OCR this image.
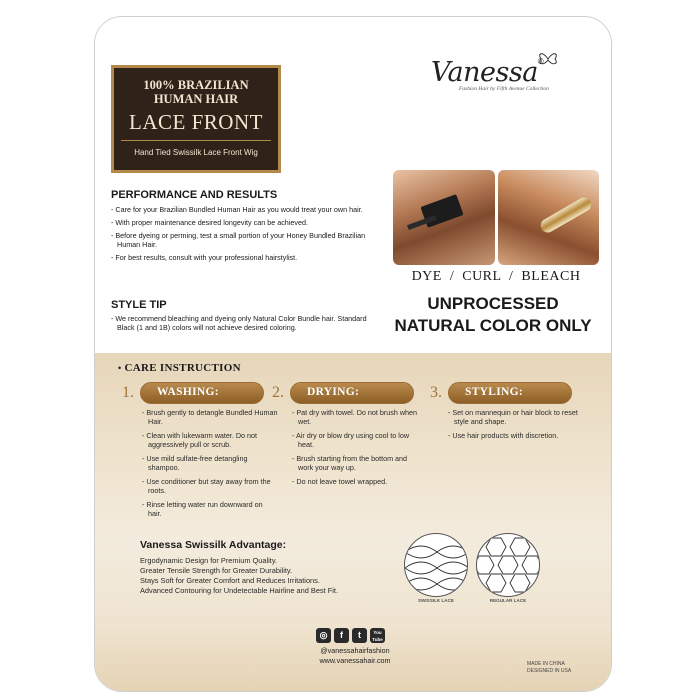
100% BRAZILIAN
HUMAN HAIR
LACE FRONT
Hand Tied Swissilk Lace Front Wig
Vanessa®
Fashion Hair by Fifth Avenue Collection
PERFORMANCE AND RESULTS
- Care for your Brazilian Bundled Human Hair as you would treat your own hair.
- With proper maintenance desired longevity can be achieved.
- Before dyeing or perming, test a small portion of your Honey Bundled Brazilian Human Hair.
- For best results, consult with your professional hairstylist.
STYLE TIP
- We recommend bleaching and dyeing only Natural Color Bundle hair. Standard Black (1 and 1B) colors will not achieve desired coloring.
DYE  /  CURL  /  BLEACH
UNPROCESSED
NATURAL COLOR ONLY
• CARE INSTRUCTION
1.	WASHING:
- Brush gently to detangle Bundled Human Hair.
- Clean with lukewarm water. Do not aggressively pull or scrub.
- Use mild sulfate-free detangling shampoo.
- Use conditioner but stay away from the roots.
- Rinse letting water run downward on hair.
2.	DRYING:
- Pat dry with towel. Do not brush when wet.
- Air dry or blow dry using cool to low heat.
- Brush starting from the bottom and work your way up.
- Do not leave towel wrapped.
3.	STYLING:
- Set on mannequin or hair block to reset style and shape.
- Use hair products with discretion.
Vanessa Swissilk Advantage:
Ergodynamic Design for Premium Quality.
Greater Tensile Strength for Greater Durability.
Stays Soft for Greater Comfort and Reduces Irritations.
Advanced Contouring for Undetectable Hairline and Best Fit.
SWISSILK LACE	REGULAR LACE
◎	f	t	You Tube
@vanessahairfashion
www.vanessahair.com	MADE IN CHINA
DESIGNED IN USA
